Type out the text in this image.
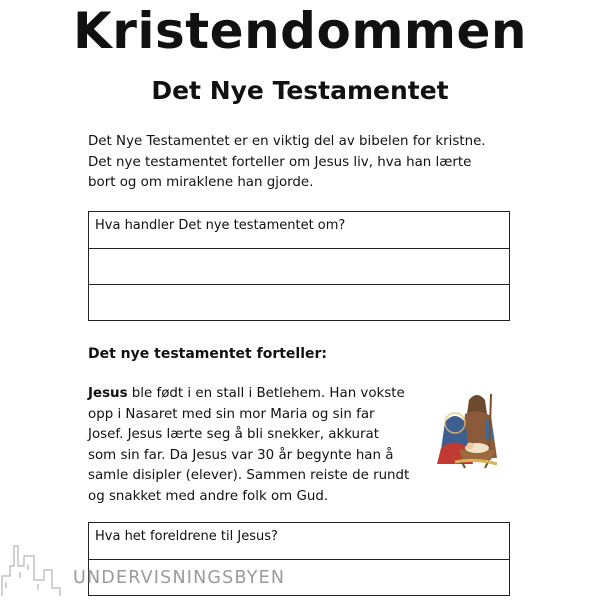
Kristendommen
Det Nye Testamentet

Det Nye Testamentet er en viktig del av bibelen for kristne.
Det nye testamentet forteller om Jesus liv, hva han lærte
bort og om miraklene han gjorde.

Hva handler Det nye testamentet om?
Det nye testamentet forteller:

Jesus ble født i en stall i Betlehem. Han vokste
opp i Nasaret med sin mor Maria og sin far
Josef. Jesus lærte seg å bli snekker, akkurat
som sin far. Da Jesus var 30 år begynte han å
samle disipler (elever). Sammen reiste de rundt
og snakket med andre folk om Gud.

Hva het foreldrene til Jesus?
UNDERVISNINGSBYEN
